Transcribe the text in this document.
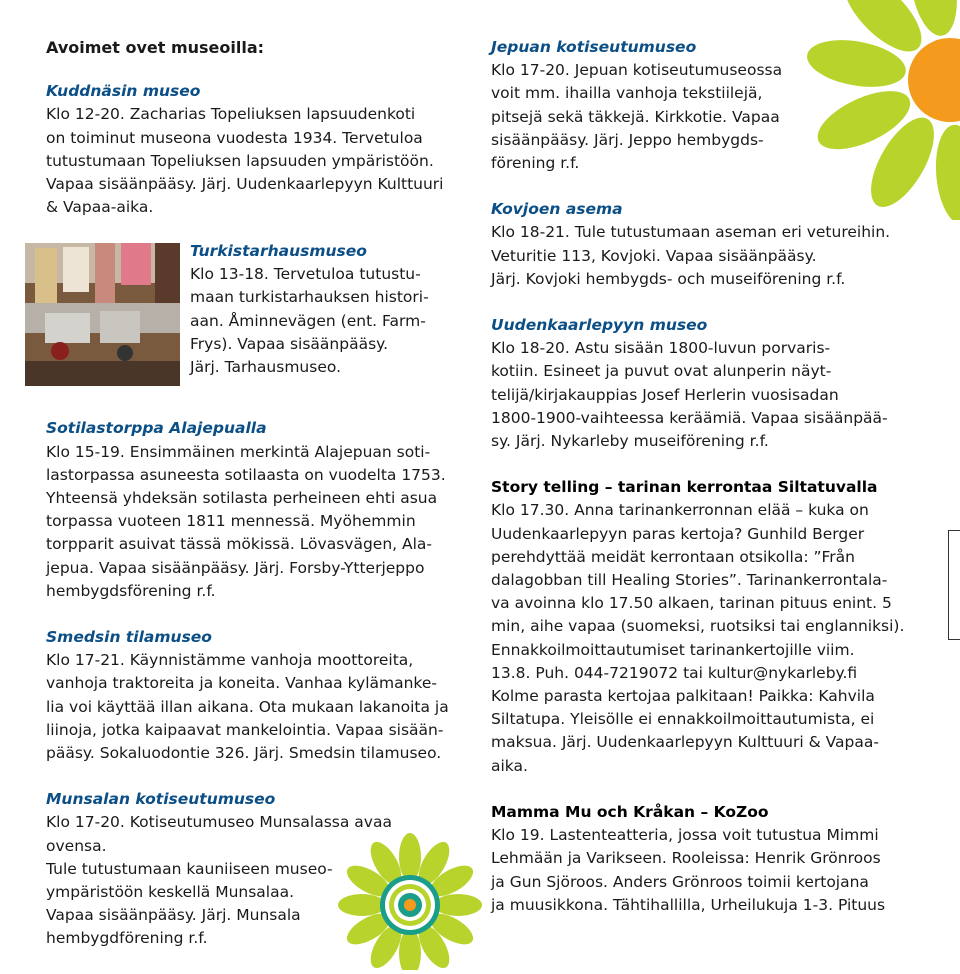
Avoimet ovet museoilla:
Kuddnäsin museo
Klo 12-20. Zacharias Topeliuksen lapsuudenkoti
on toiminut museona vuodesta 1934. Tervetuloa
tutustumaan Topeliuksen lapsuuden ympäristöön.
Vapaa sisäänpääsy. Järj. Uudenkaarlepyyn Kulttuuri
& Vapaa-aika.
Sotilastorppa Alajepualla
Klo 15-19. Ensimmäinen merkintä Alajepuan soti-
lastorpassa asuneesta sotilaasta on vuodelta 1753.
Yhteensä yhdeksän sotilasta perheineen ehti asua
torpassa vuoteen 1811 mennessä. Myöhemmin
torpparit asuivat tässä mökissä. Lövasvägen, Ala-
jepua. Vapaa sisäänpääsy. Järj. Forsby-Ytterjeppo
hembygdsförening r.f.
Smedsin tilamuseo
Klo 17-21. Käynnistämme vanhoja moottoreita,
vanhoja traktoreita ja koneita. Vanhaa kylämanke-
lia voi käyttää illan aikana. Ota mukaan lakanoita ja
liinoja, jotka kaipaavat mankelointia. Vapaa sisään-
pääsy. Sokaluodontie 326. Järj. Smedsin tilamuseo.
Munsalan kotiseutumuseo
Klo 17-20. Kotiseutumuseo Munsalassa avaa ovensa.
Tule tutustumaan kauniiseen museo-
ympäristöön keskellä Munsalaa.
Vapaa sisäänpääsy. Järj. Munsala
hembygdförening r.f.
Turkistarhausmuseo
Klo 13-18. Tervetuloa tutustu-
maan turkistarhauksen histori-
aan. Åminnevägen (ent. Farm-
Frys). Vapaa sisäänpääsy.
Järj. Tarhausmuseo.
Jepuan kotiseutumuseo
Klo 17-20. Jepuan kotiseutumuseossa
voit mm. ihailla vanhoja tekstiilejä,
pitsejä sekä täkkejä. Kirkkotie. Vapaa
sisäänpääsy. Järj. Jeppo hembygds-
förening r.f.
Kovjoen asema
Klo 18-21. Tule tutustumaan aseman eri vetureihin.
Veturitie 113, Kovjoki. Vapaa sisäänpääsy.
Järj. Kovjoki hembygds- och museiförening r.f.
Uudenkaarlepyyn museo
Klo 18-20. Astu sisään 1800-luvun porvaris-
kotiin. Esineet ja puvut ovat alunperin näyt-
telijä/kirjakauppias Josef Herlerin vuosisadan
1800-1900-vaihteessa keräämiä. Vapaa sisäänpää-
sy. Järj. Nykarleby museiförening r.f.
Story telling – tarinan kerrontaa Siltatuvalla
Klo 17.30. Anna tarinankerronnan elää – kuka on
Uudenkaarlepyyn paras kertoja? Gunhild Berger
perehdyttää meidät kerrontaan otsikolla: ”Från
dalagobban till Healing Stories”. Tarinankerrontala-
va avoinna klo 17.50 alkaen, tarinan pituus enint. 5
min, aihe vapaa (suomeksi, ruotsiksi tai englanniksi).
Ennakkoilmoittautumiset tarinankertojille viim.
13.8. Puh. 044-7219072 tai kultur@nykarleby.fi
Kolme parasta kertojaa palkitaan! Paikka: Kahvila
Siltatupa. Yleisölle ei ennakkoilmoittautumista, ei
maksua. Järj. Uudenkaarlepyyn Kulttuuri & Vapaa-
aika.
Mamma Mu och Kråkan – KoZoo
Klo 19. Lastenteatteria, jossa voit tutustua Mimmi
Lehmään ja Varikseen. Rooleissa: Henrik Grönroos
ja Gun Sjöroos. Anders Grönroos toimii kertojana
ja muusikkona. Tähtihallilla, Urheilukuja 1-3. Pituus
